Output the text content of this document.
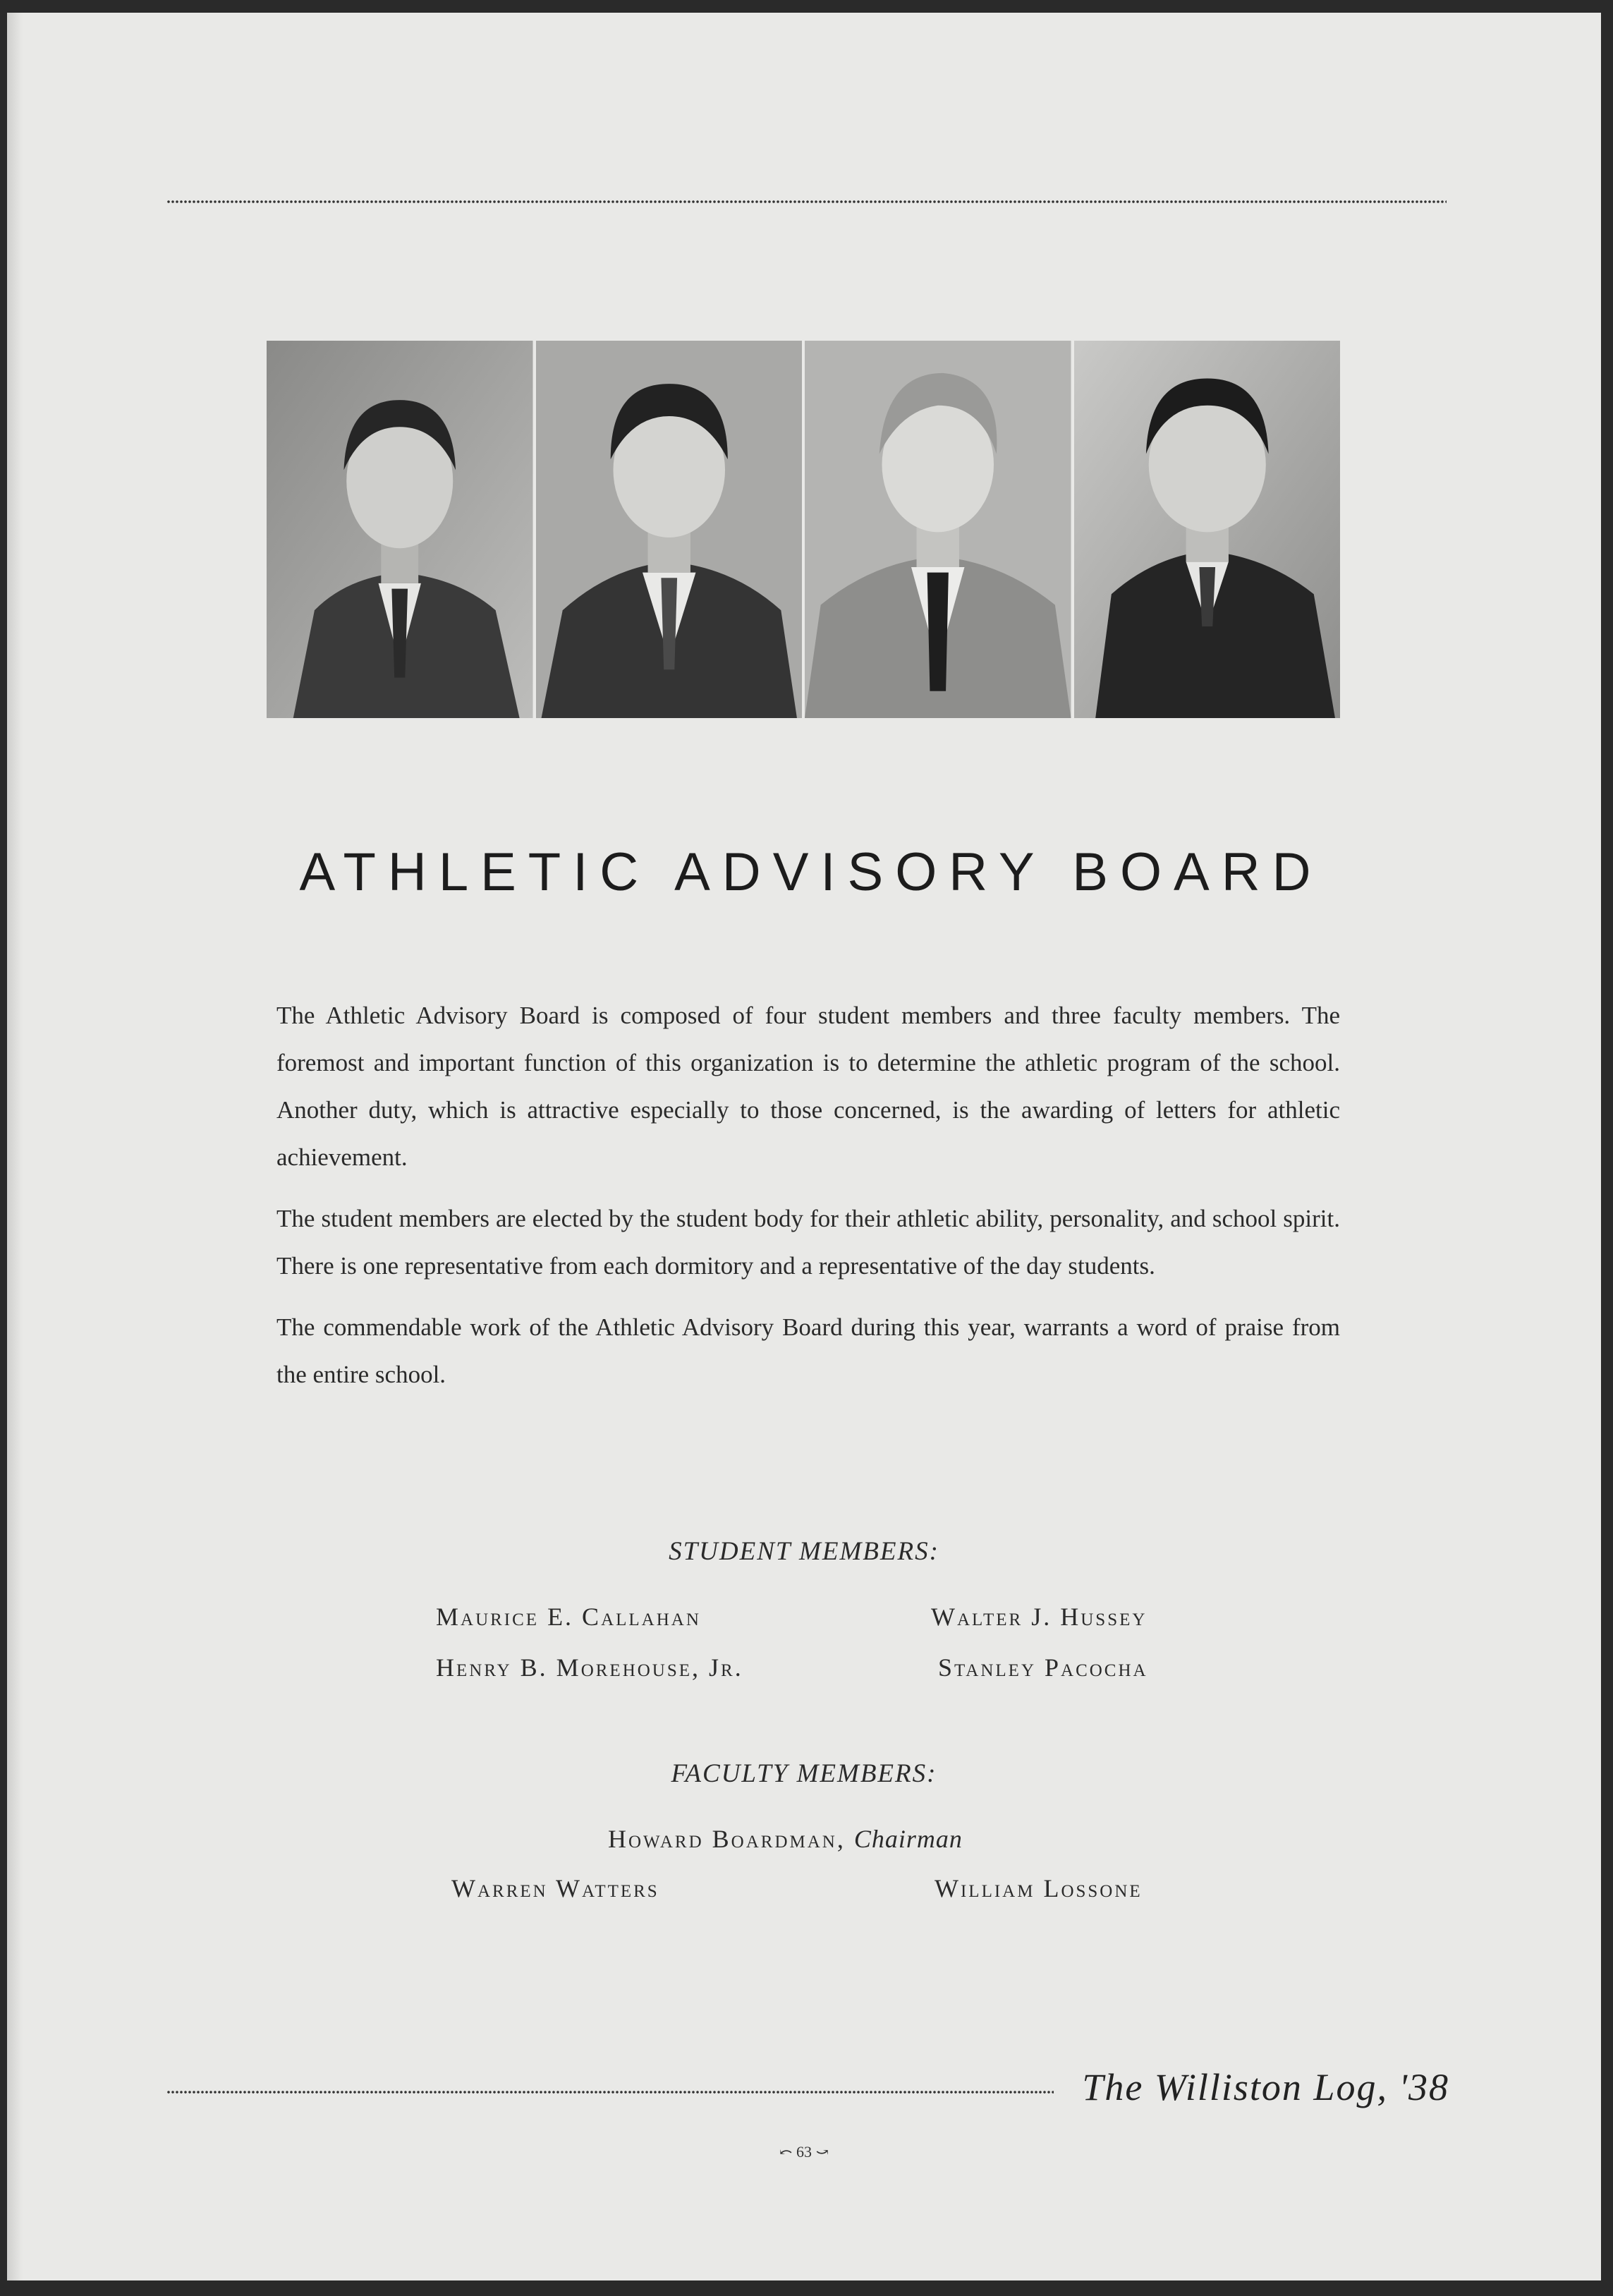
ATHLETIC ADVISORY BOARD

The Athletic Advisory Board is composed of four student members and three faculty members. The foremost and important function of this organization is to determine the athletic program of the school. Another duty, which is attractive especially to those concerned, is the awarding of letters for athletic achievement.

The student members are elected by the student body for their athletic ability, personality, and school spirit. There is one representative from each dormitory and a representative of the day students.

The commendable work of the Athletic Advisory Board during this year, warrants a word of praise from the entire school.

STUDENT MEMBERS:
Maurice E. Callahan	Walter J. Hussey
Henry B. Morehouse, Jr.	Stanley Pacocha
FACULTY MEMBERS:
Howard Boardman, Chairman
Warren Watters	William Lossone
The Williston Log, '38
⤺ 63 ⤻
